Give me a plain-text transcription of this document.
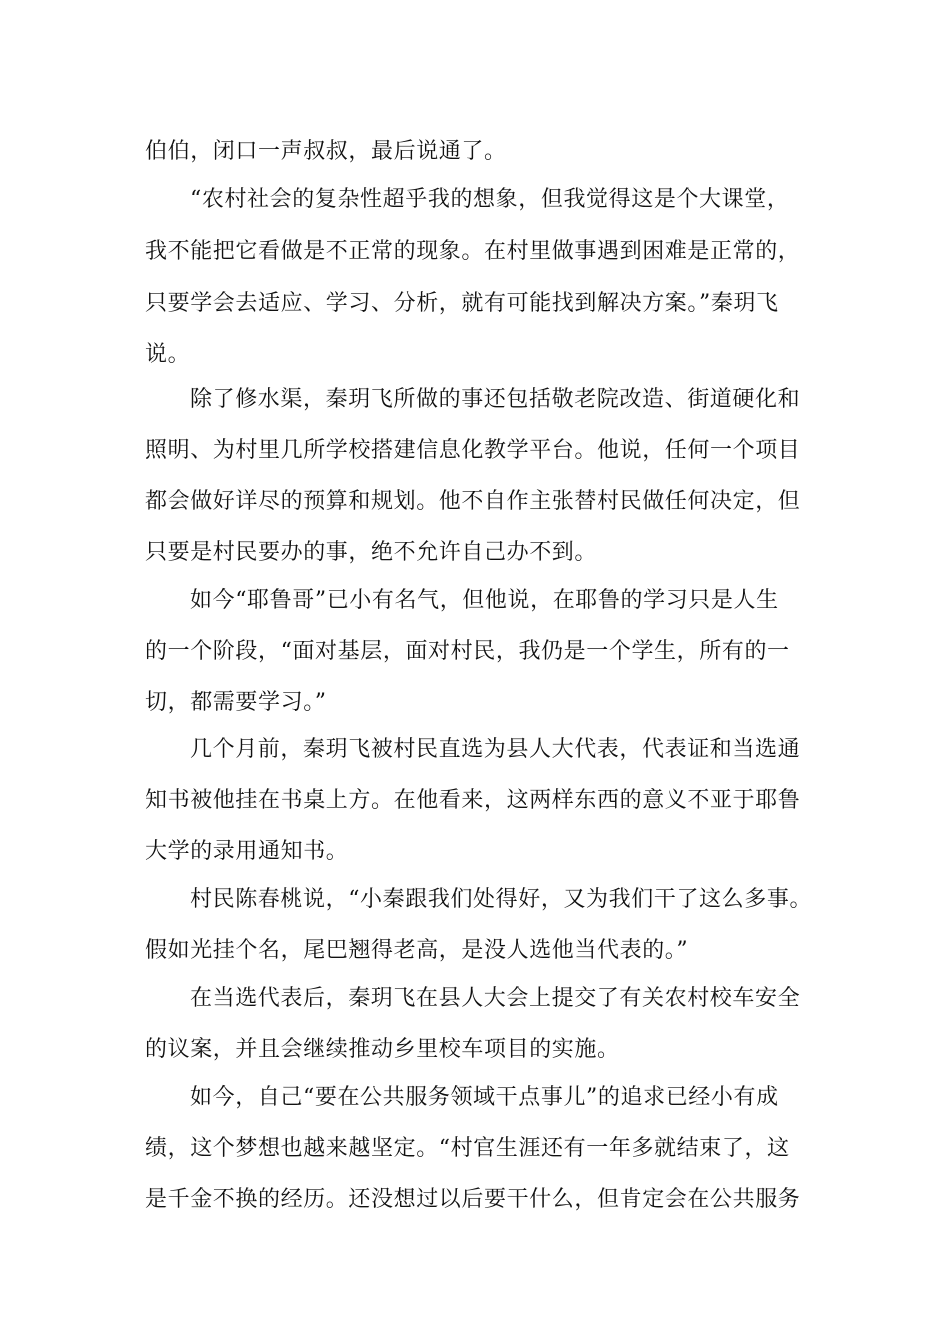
伯伯，闭口一声叔叔，最后说通了。
“农村社会的复杂性超乎我的想象，但我觉得这是个大课堂，
我不能把它看做是不正常的现象。在村里做事遇到困难是正常的，
只要学会去适应、学习、分析，就有可能找到解决方案。”秦玥飞
说。
除了修水渠，秦玥飞所做的事还包括敬老院改造、街道硬化和
照明、为村里几所学校搭建信息化教学平台。他说，任何一个项目
都会做好详尽的预算和规划。他不自作主张替村民做任何决定，但
只要是村民要办的事，绝不允许自己办不到。
如今“耶鲁哥”已小有名气，但他说，在耶鲁的学习只是人生
的一个阶段，“面对基层，面对村民，我仍是一个学生，所有的一
切，都需要学习。”
几个月前，秦玥飞被村民直选为县人大代表，代表证和当选通
知书被他挂在书桌上方。在他看来，这两样东西的意义不亚于耶鲁
大学的录用通知书。
村民陈春桃说，“小秦跟我们处得好，又为我们干了这么多事。
假如光挂个名，尾巴翘得老高，是没人选他当代表的。”
在当选代表后，秦玥飞在县人大会上提交了有关农村校车安全
的议案，并且会继续推动乡里校车项目的实施。
如今，自己“要在公共服务领域干点事儿”的追求已经小有成
绩，这个梦想也越来越坚定。“村官生涯还有一年多就结束了，这
是千金不换的经历。还没想过以后要干什么，但肯定会在公共服务
